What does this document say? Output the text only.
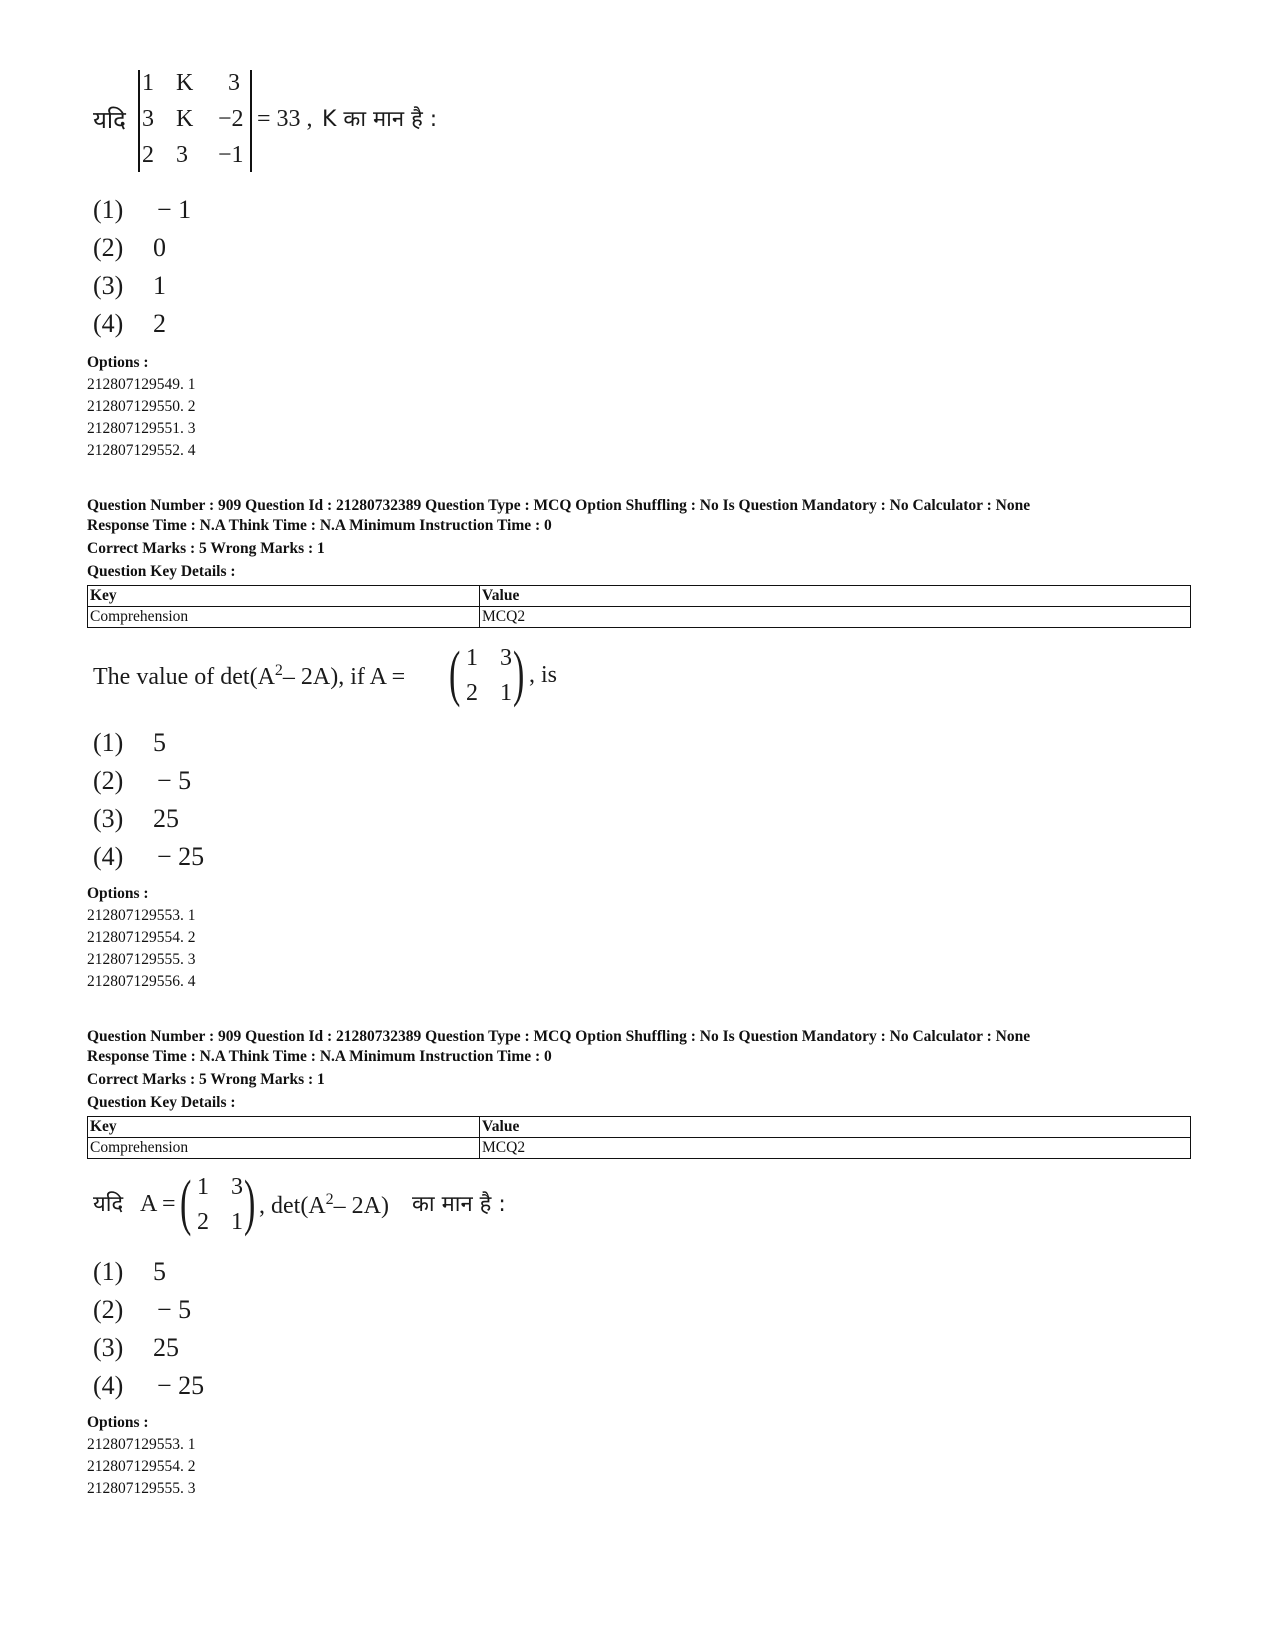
यदि
1 K 3
3 K −2
2 3 −1
= 33 , K का मान है :
(1) − 1
(2) 0
(3) 1
(4) 2
Options :
212807129549. 1
212807129550. 2
212807129551. 3
212807129552. 4
Question Number : 909 Question Id : 21280732389 Question Type : MCQ Option Shuffling : No Is Question Mandatory : No Calculator : None
Response Time : N.A Think Time : N.A Minimum Instruction Time : 0
Correct Marks : 5 Wrong Marks : 1
Question Key Details :
Key	Value
Comprehension	MCQ2
The value of $\det(A^2-$ 2A), if A = ( 1 3
2 1 ) , is
(1) 5
(2) − 5
(3) 25
(4) − 25
Options :
212807129553. 1
212807129554. 2
212807129555. 3
212807129556. 4
Question Number : 909 Question Id : 21280732389 Question Type : MCQ Option Shuffling : No Is Question Mandatory : No Calculator : None
Response Time : N.A Think Time : N.A Minimum Instruction Time : 0
Correct Marks : 5 Wrong Marks : 1
Question Key Details :
Key	Value
Comprehension	MCQ2
यदि A = ( 1 3
2 1 ) , $\det(A^2-$ 2A) का मान है :
(1) 5
(2) − 5
(3) 25
(4) − 25
Options :
212807129553. 1
212807129554. 2
212807129555. 3
